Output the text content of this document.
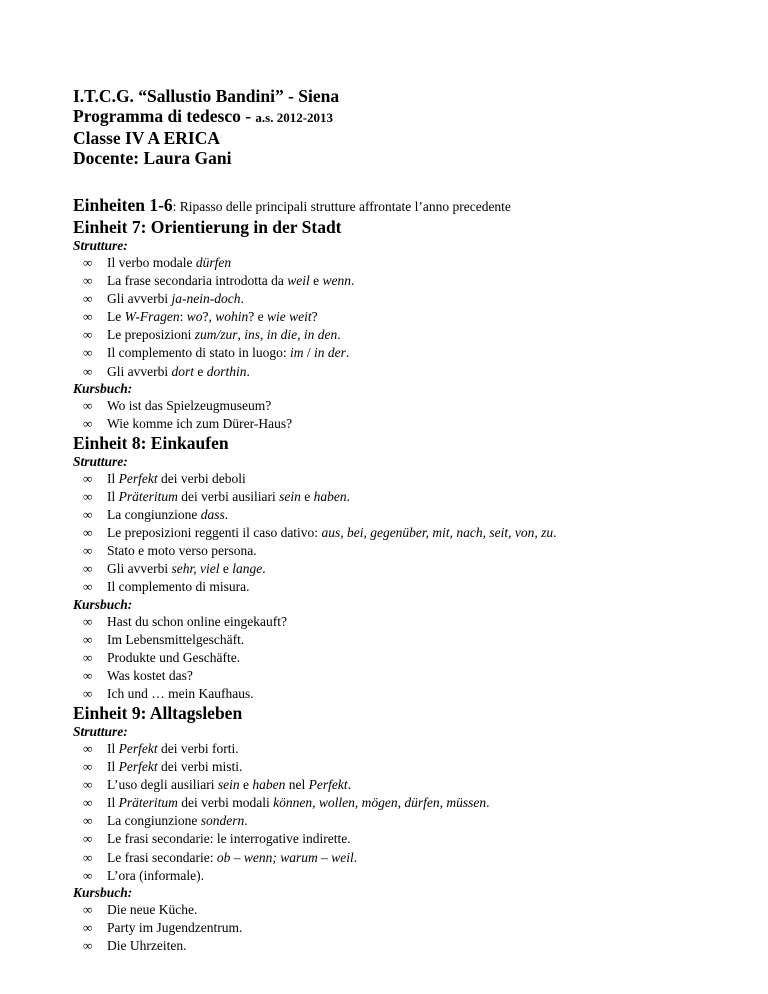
I.T.C.G. “Sallustio Bandini” - Siena
Programma di tedesco - a.s. 2012-2013
Classe IV A ERICA
Docente: Laura Gani
Einheiten 1-6: Ripasso delle principali strutture affrontate l’anno precedente
Einheit 7: Orientierung in der Stadt
Strutture:
∞ Il verbo modale dürfen
∞ La frase secondaria introdotta da weil e wenn.
∞ Gli avverbi ja-nein-doch.
∞ Le W-Fragen: wo?, wohin? e wie weit?
∞ Le preposizioni zum/zur, ins, in die, in den.
∞ Il complemento di stato in luogo: im / in der.
∞ Gli avverbi dort e dorthin.
Kursbuch:
∞ Wo ist das Spielzeugmuseum?
∞ Wie komme ich zum Dürer-Haus?
Einheit 8: Einkaufen
Strutture:
∞ Il Perfekt dei verbi deboli
∞ Il Präteritum dei verbi ausiliari sein e haben.
∞ La congiunzione dass.
∞ Le preposizioni reggenti il caso dativo: aus, bei, gegenüber, mit, nach, seit, von, zu.
∞ Stato e moto verso persona.
∞ Gli avverbi sehr, viel e lange.
∞ Il complemento di misura.
Kursbuch:
∞ Hast du schon online eingekauft?
∞ Im Lebensmittelgeschäft.
∞ Produkte und Geschäfte.
∞ Was kostet das?
∞ Ich und … mein Kaufhaus.
Einheit 9: Alltagsleben
Strutture:
∞ Il Perfekt dei verbi forti.
∞ Il Perfekt dei verbi misti.
∞ L’uso degli ausiliari sein e haben nel Perfekt.
∞ Il Präteritum dei verbi modali können, wollen, mögen, dürfen, müssen.
∞ La congiunzione sondern.
∞ Le frasi secondarie: le interrogative indirette.
∞ Le frasi secondarie: ob – wenn; warum – weil.
∞ L’ora (informale).
Kursbuch:
∞ Die neue Küche.
∞ Party im Jugendzentrum.
∞ Die Uhrzeiten.
